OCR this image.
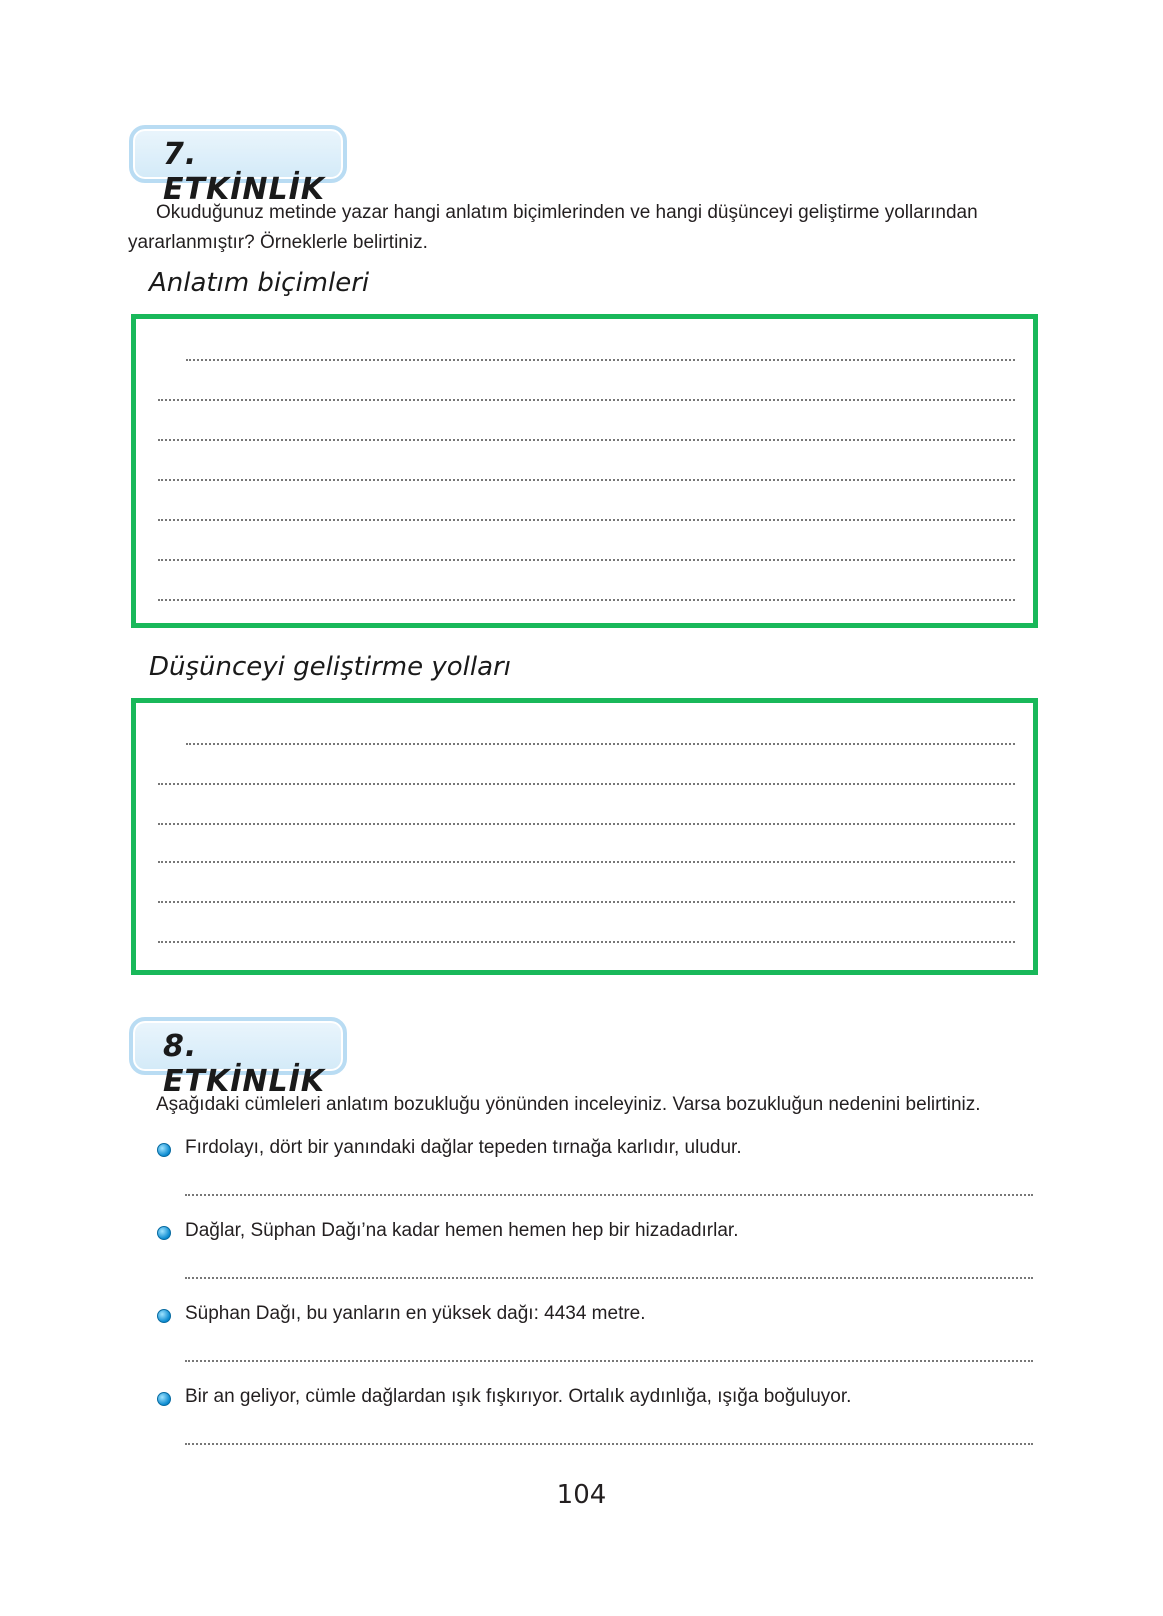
7. ETKİNLİK
Okuduğunuz metinde yazar hangi anlatım biçimlerinden ve hangi düşünceyi geliştirme yollarından yararlanmıştır? Örneklerle belirtiniz.
Anlatım biçimleri
Düşünceyi geliştirme yolları
8. ETKİNLİK
Aşağıdaki cümleleri anlatım bozukluğu yönünden inceleyiniz. Varsa bozukluğun nedenini belirtiniz.
Fırdolayı, dört bir yanındaki dağlar tepeden tırnağa karlıdır, uludur.
Dağlar, Süphan Dağı’na kadar hemen hemen hep bir hizadadırlar.
Süphan Dağı, bu yanların en yüksek dağı: 4434 metre.
Bir an geliyor, cümle dağlardan ışık fışkırıyor. Ortalık aydınlığa, ışığa boğuluyor.
104
